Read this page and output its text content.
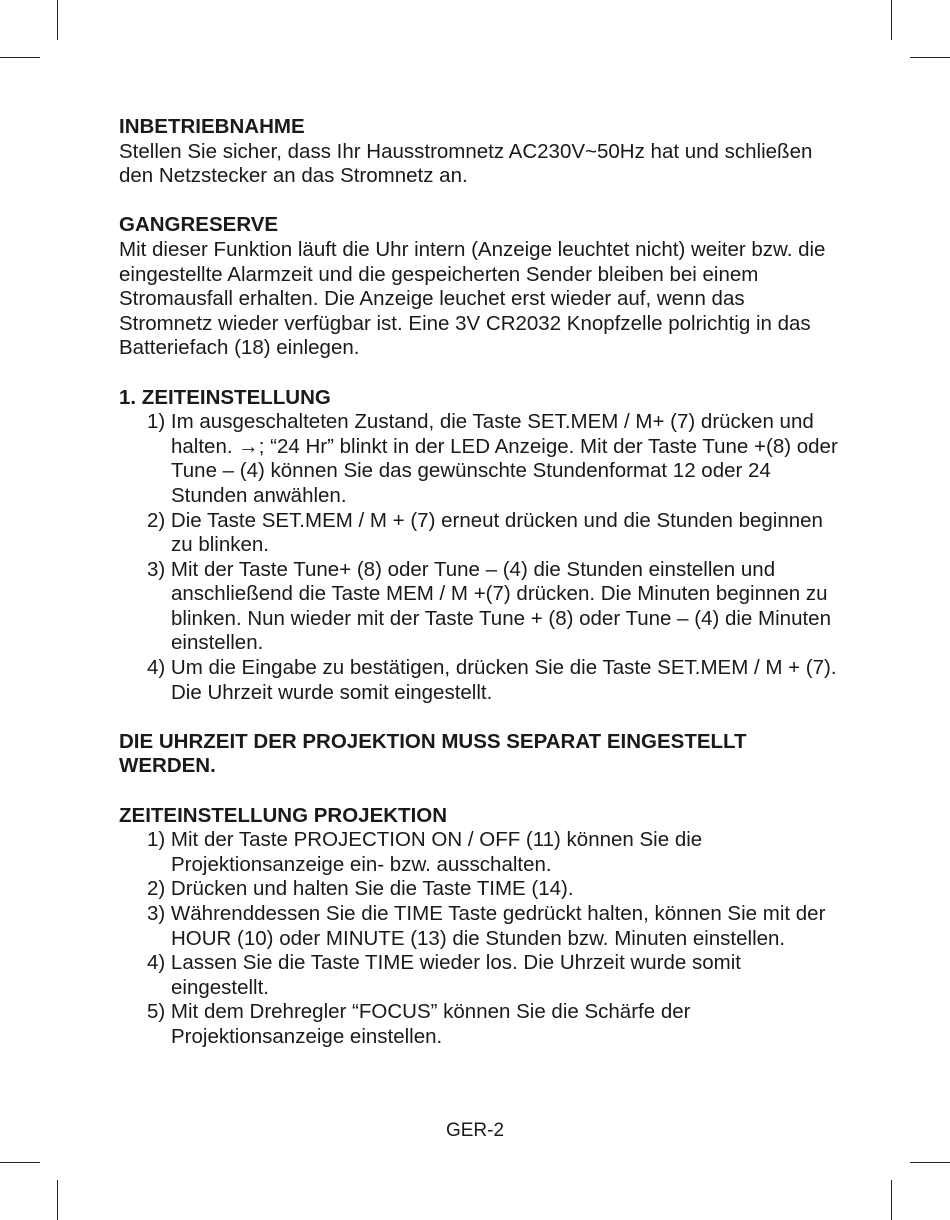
INBETRIEBNAHME

Stellen Sie sicher, dass Ihr Hausstromnetz AC230V~50Hz hat und schließen den Netzstecker an das Stromnetz an.

GANGRESERVE

Mit dieser Funktion läuft die Uhr intern (Anzeige leuchtet nicht) weiter bzw. die eingestellte Alarmzeit und die gespeicherten Sender bleiben bei einem Stromausfall erhalten. Die Anzeige leuchet erst wieder auf, wenn das Stromnetz wieder verfügbar ist. Eine 3V CR2032 Knopfzelle polrichtig in das Batteriefach (18) einlegen.

1. ZEITEINSTELLUNG

1) Im ausgeschalteten Zustand, die Taste SET.MEM / M+ (7) drücken und halten. →; “24 Hr” blinkt in der LED Anzeige. Mit der Taste Tune +(8) oder Tune – (4) können Sie das gewünschte Stundenformat 12 oder 24 Stunden anwählen.
2) Die Taste SET.MEM / M + (7) erneut drücken und die Stunden beginnen zu blinken.
3) Mit der Taste Tune+ (8) oder Tune – (4) die Stunden einstellen und anschließend die Taste MEM / M +(7) drücken. Die Minuten beginnen zu blinken. Nun wieder mit der Taste Tune + (8) oder Tune – (4) die Minuten einstellen.
4) Um die Eingabe zu bestätigen, drücken Sie die Taste SET.MEM / M + (7). Die Uhrzeit wurde somit eingestellt.

DIE UHRZEIT DER PROJEKTION MUSS SEPARAT EINGESTELLT WERDEN.

ZEITEINSTELLUNG PROJEKTION

1) Mit der Taste PROJECTION ON / OFF (11) können Sie die Projektionsanzeige ein- bzw. ausschalten.
2) Drücken und halten Sie die Taste TIME (14).
3) Währenddessen Sie die TIME Taste gedrückt halten, können Sie mit der HOUR (10) oder MINUTE (13) die Stunden bzw. Minuten einstellen.
4) Lassen Sie die Taste TIME wieder los. Die Uhrzeit wurde somit eingestellt.
5) Mit dem Drehregler “FOCUS” können Sie die Schärfe der Projektionsanzeige einstellen.
GER-2
